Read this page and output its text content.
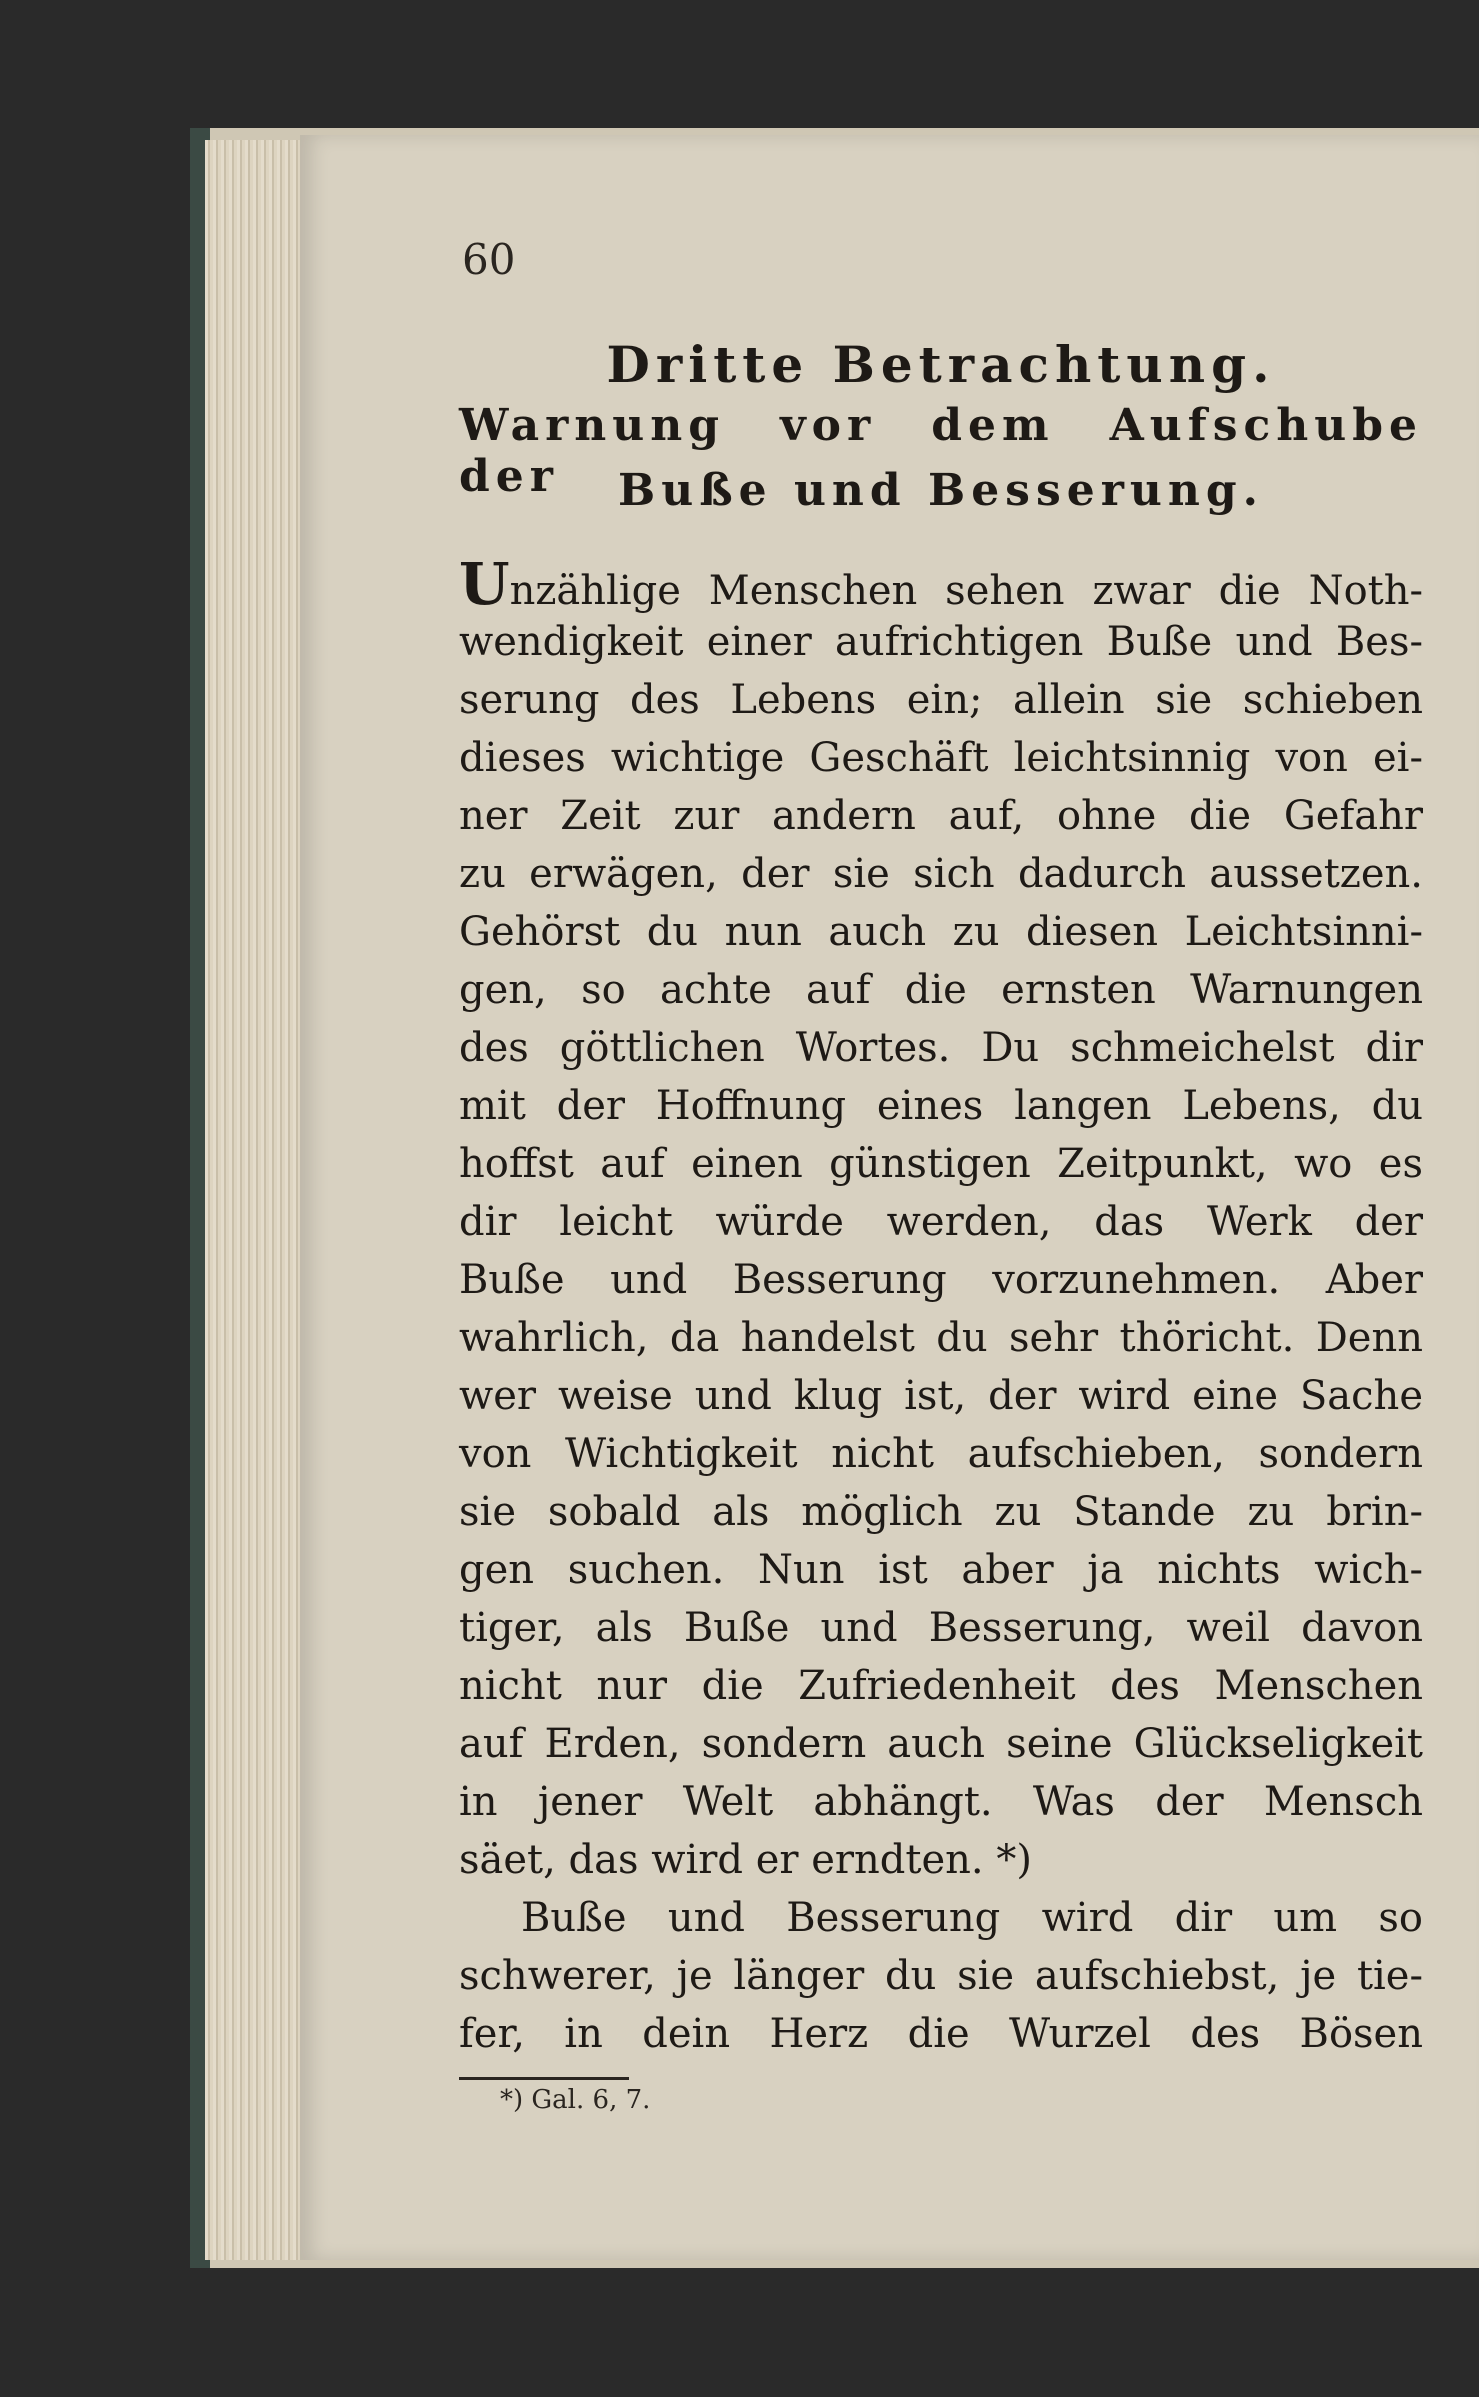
60
Dritte Betrachtung.
Warnung vor dem Aufschube der	Buße und Besserung.
Unzählige Menschen sehen zwar die Noth-
wendigkeit einer aufrichtigen Buße und Bes-
serung des Lebens ein; allein sie schieben
dieses wichtige Geschäft leichtsinnig von ei-
ner Zeit zur andern auf, ohne die Gefahr
zu erwägen, der sie sich dadurch aussetzen.
Gehörst du nun auch zu diesen Leichtsinni-
gen, so achte auf die ernsten Warnungen
des göttlichen Wortes. Du schmeichelst dir
mit der Hoffnung eines langen Lebens, du
hoffst auf einen günstigen Zeitpunkt, wo es
dir leicht würde werden, das Werk der
Buße und Besserung vorzunehmen. Aber
wahrlich, da handelst du sehr thöricht. Denn
wer weise und klug ist, der wird eine Sache
von Wichtigkeit nicht aufschieben, sondern
sie sobald als möglich zu Stande zu brin-
gen suchen. Nun ist aber ja nichts wich-
tiger, als Buße und Besserung, weil davon
nicht nur die Zufriedenheit des Menschen
auf Erden, sondern auch seine Glückseligkeit
in jener Welt abhängt. Was der Mensch
säet, das wird er erndten. *)
Buße und Besserung wird dir um so
schwerer, je länger du sie aufschiebst, je tie-
fer, in dein Herz die Wurzel des Bösen
*) Gal. 6, 7.
